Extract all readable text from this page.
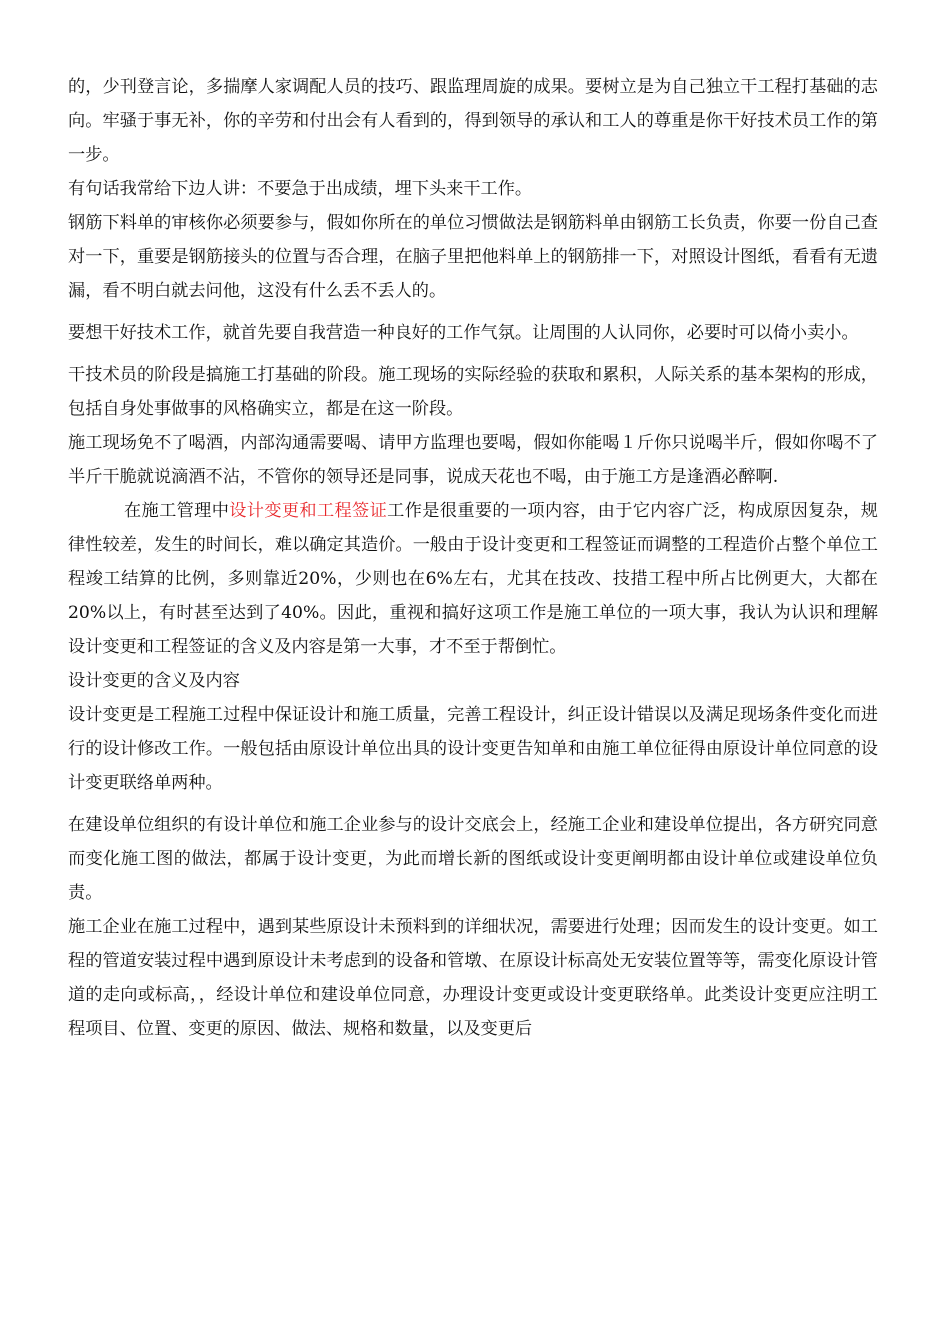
的，少刊登言论，多揣摩人家调配人员的技巧、跟监理周旋的成果。要树立是为自己独立干工程打基础的志向。牢骚于事无补，你的辛劳和付出会有人看到的，得到领导的承认和工人的尊重是你干好技术员工作的第一步。

有句话我常给下边人讲：不要急于出成绩，埋下头来干工作。

钢筋下料单的审核你必须要参与，假如你所在的单位习惯做法是钢筋料单由钢筋工长负责，你要一份自己查对一下，重要是钢筋接头的位置与否合理，在脑子里把他料单上的钢筋排一下，对照设计图纸，看看有无遗漏，看不明白就去问他，这没有什么丢不丢人的。

要想干好技术工作，就首先要自我营造一种良好的工作气氛。让周围的人认同你，必要时可以倚小卖小。

干技术员的阶段是搞施工打基础的阶段。施工现场的实际经验的获取和累积，人际关系的基本架构的形成，包括自身处事做事的风格确实立，都是在这一阶段。

施工现场免不了喝酒，内部沟通需要喝、请甲方监理也要喝，假如你能喝１斤你只说喝半斤，假如你喝不了半斤干脆就说滴酒不沾，不管你的领导还是同事，说成天花也不喝，由于施工方是逢酒必醉啊.

在施工管理中设计变更和工程签证工作是很重要的一项内容，由于它内容广泛，构成原因复杂，规律性较差，发生的时间长，难以确定其造价。一般由于设计变更和工程签证而调整的工程造价占整个单位工程竣工结算的比例，多则靠近20%，少则也在6%左右，尤其在技改、技措工程中所占比例更大，大都在20%以上，有时甚至达到了40%。因此，重视和搞好这项工作是施工单位的一项大事，我认为认识和理解设计变更和工程签证的含义及内容是第一大事，才不至于帮倒忙。

设计变更的含义及内容

设计变更是工程施工过程中保证设计和施工质量，完善工程设计，纠正设计错误以及满足现场条件变化而进行的设计修改工作。一般包括由原设计单位出具的设计变更告知单和由施工单位征得由原设计单位同意的设计变更联络单两种。

在建设单位组织的有设计单位和施工企业参与的设计交底会上，经施工企业和建设单位提出，各方研究同意而变化施工图的做法，都属于设计变更，为此而增长新的图纸或设计变更阐明都由设计单位或建设单位负责。

施工企业在施工过程中，遇到某些原设计未预料到的详细状况，需要进行处理；因而发生的设计变更。如工程的管道安装过程中遇到原设计未考虑到的设备和管墩、在原设计标高处无安装位置等等，需变化原设计管道的走向或标高，，经设计单位和建设单位同意，办理设计变更或设计变更联络单。此类设计变更应注明工程项目、位置、变更的原因、做法、规格和数量，以及变更后
